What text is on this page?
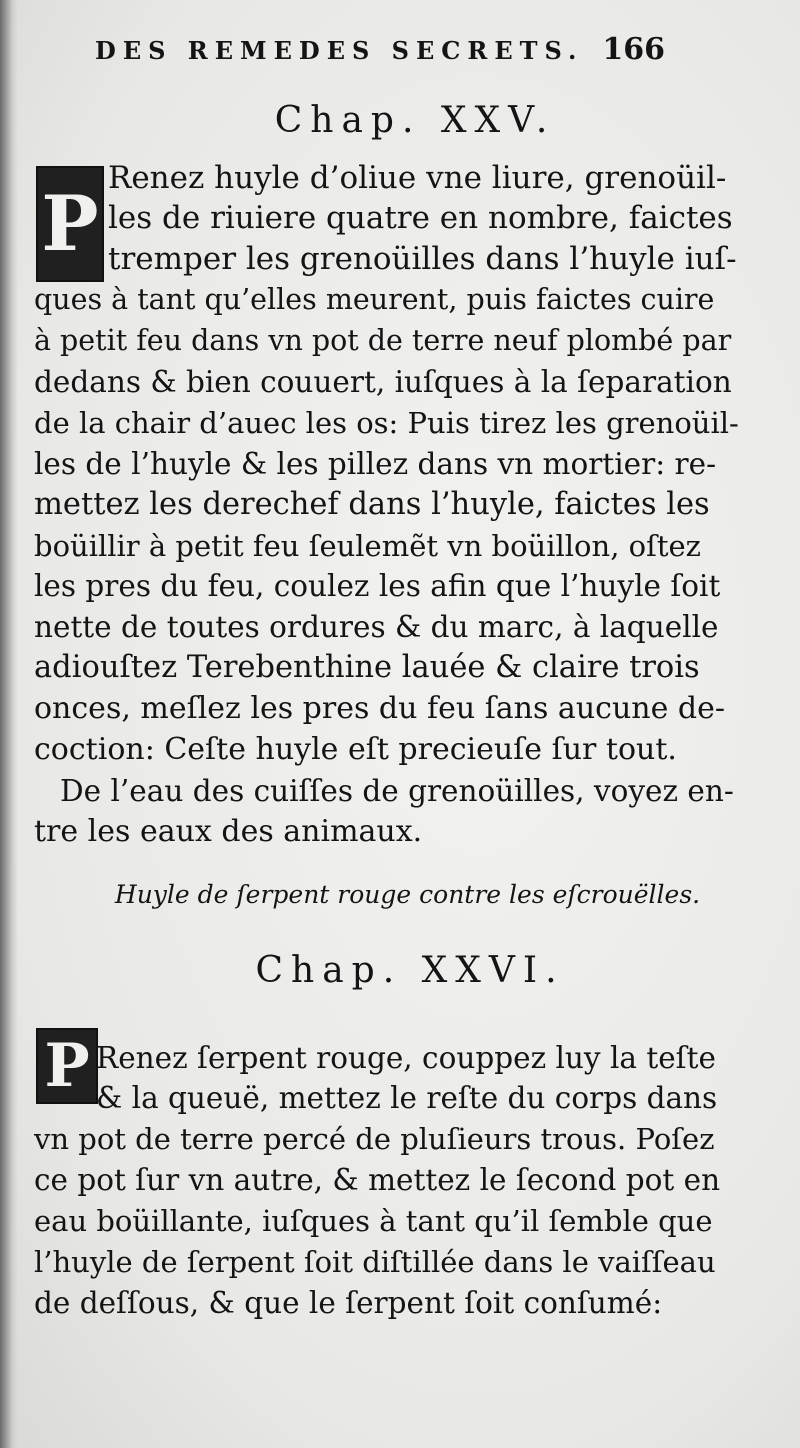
DES REMEDES SECRETS. 166
Chap. XXV.
P
Renez huyle d’oliue vne liure, grenoüil-
les de riuiere quatre en nombre, faictes
tremper les grenoüilles dans l’huyle iuſ-
ques à tant qu’elles meurent, puis faictes cuire
à petit feu dans vn pot de terre neuf plombé par
dedans & bien couuert, iuſques à la ſeparation
de la chair d’auec les os: Puis tirez les grenoüil-
les de l’huyle & les pillez dans vn mortier: re-
mettez les derechef dans l’huyle, faictes les
boüillir à petit feu ſeulemẽt vn boüillon, oſtez
les pres du feu, coulez les afin que l’huyle ſoit
nette de toutes ordures & du marc, à laquelle
adiouſtez Terebenthine lauée & claire trois
onces, meſlez les pres du feu ſans aucune de-
coction: Ceſte huyle eſt precieuſe ſur tout.
De l’eau des cuiſſes de grenoüilles, voyez en-
tre les eaux des animaux.
Huyle de ſerpent rouge contre les eſcrouëlles.
Chap. XXVI.
P Renez ſerpent rouge, couppez luy la teſte
& la queuë, mettez le reſte du corps dans
vn pot de terre percé de pluſieurs trous. Poſez
ce pot ſur vn autre, & mettez le ſecond pot en
eau boüillante, iuſques à tant qu’il ſemble que
l’huyle de ſerpent ſoit diſtillée dans le vaiſſeau
de deſſous, & que le ſerpent ſoit conſumé:
